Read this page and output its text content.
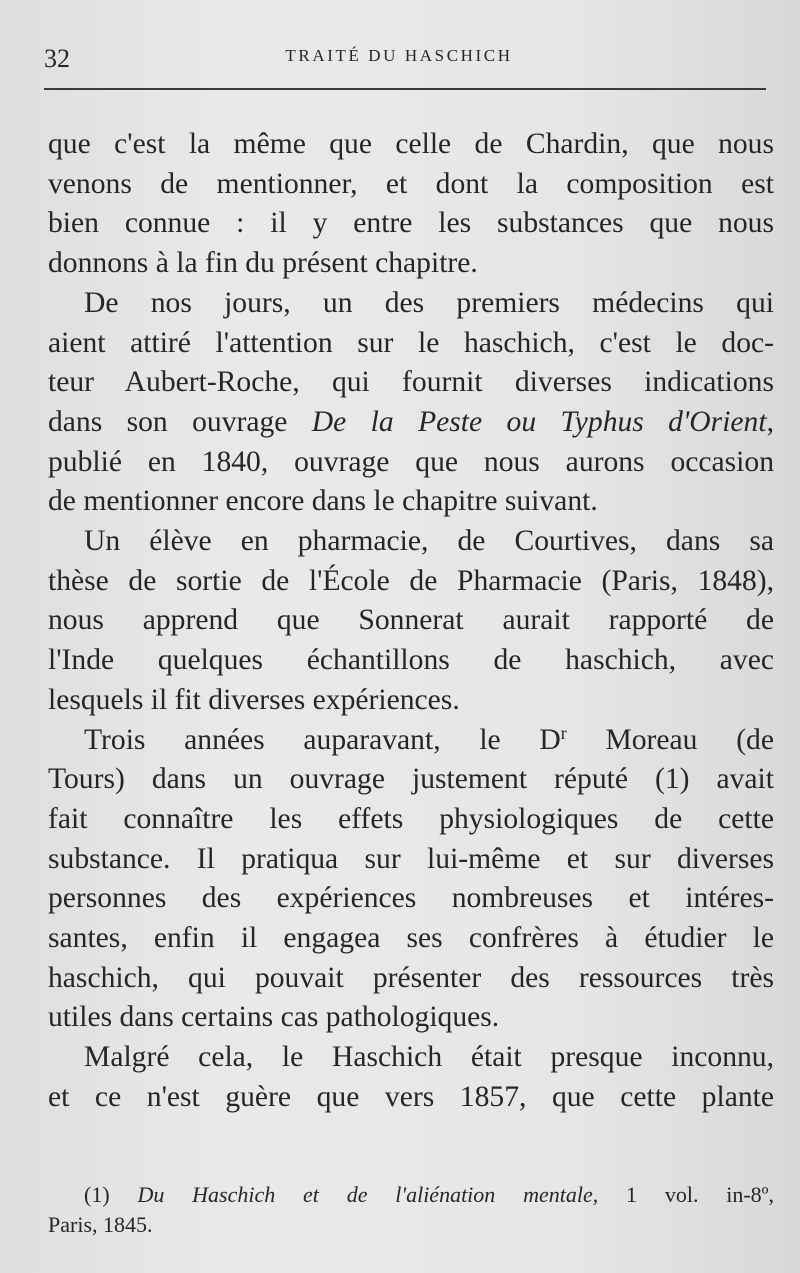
32	TRAITÉ DU HASCHICH
que c'est la même que celle de Chardin, que nous
venons de mentionner, et dont la composition est
bien connue : il y entre les substances que nous
donnons à la fin du présent chapitre.
De nos jours, un des premiers médecins qui
aient attiré l'attention sur le haschich, c'est le doc-
teur Aubert-Roche, qui fournit diverses indications
dans son ouvrage De la Peste ou Typhus d'Orient,
publié en 1840, ouvrage que nous aurons occasion
de mentionner encore dans le chapitre suivant.
Un élève en pharmacie, de Courtives, dans sa
thèse de sortie de l'École de Pharmacie (Paris, 1848),
nous apprend que Sonnerat aurait rapporté de
l'Inde quelques échantillons de haschich, avec
lesquels il fit diverses expériences.
Trois années auparavant, le $D^r$ Moreau (de
Tours) dans un ouvrage justement réputé (1) avait
fait connaître les effets physiologiques de cette
substance. Il pratiqua sur lui-même et sur diverses
personnes des expériences nombreuses et intéres-
santes, enfin il engagea ses confrères à étudier le
haschich, qui pouvait présenter des ressources très
utiles dans certains cas pathologiques.
Malgré cela, le Haschich était presque inconnu,
et ce n'est guère que vers 1857, que cette plante
(1) Du Haschich et de l'aliénation mentale, 1 vol. in-8º,
Paris, 1845.
